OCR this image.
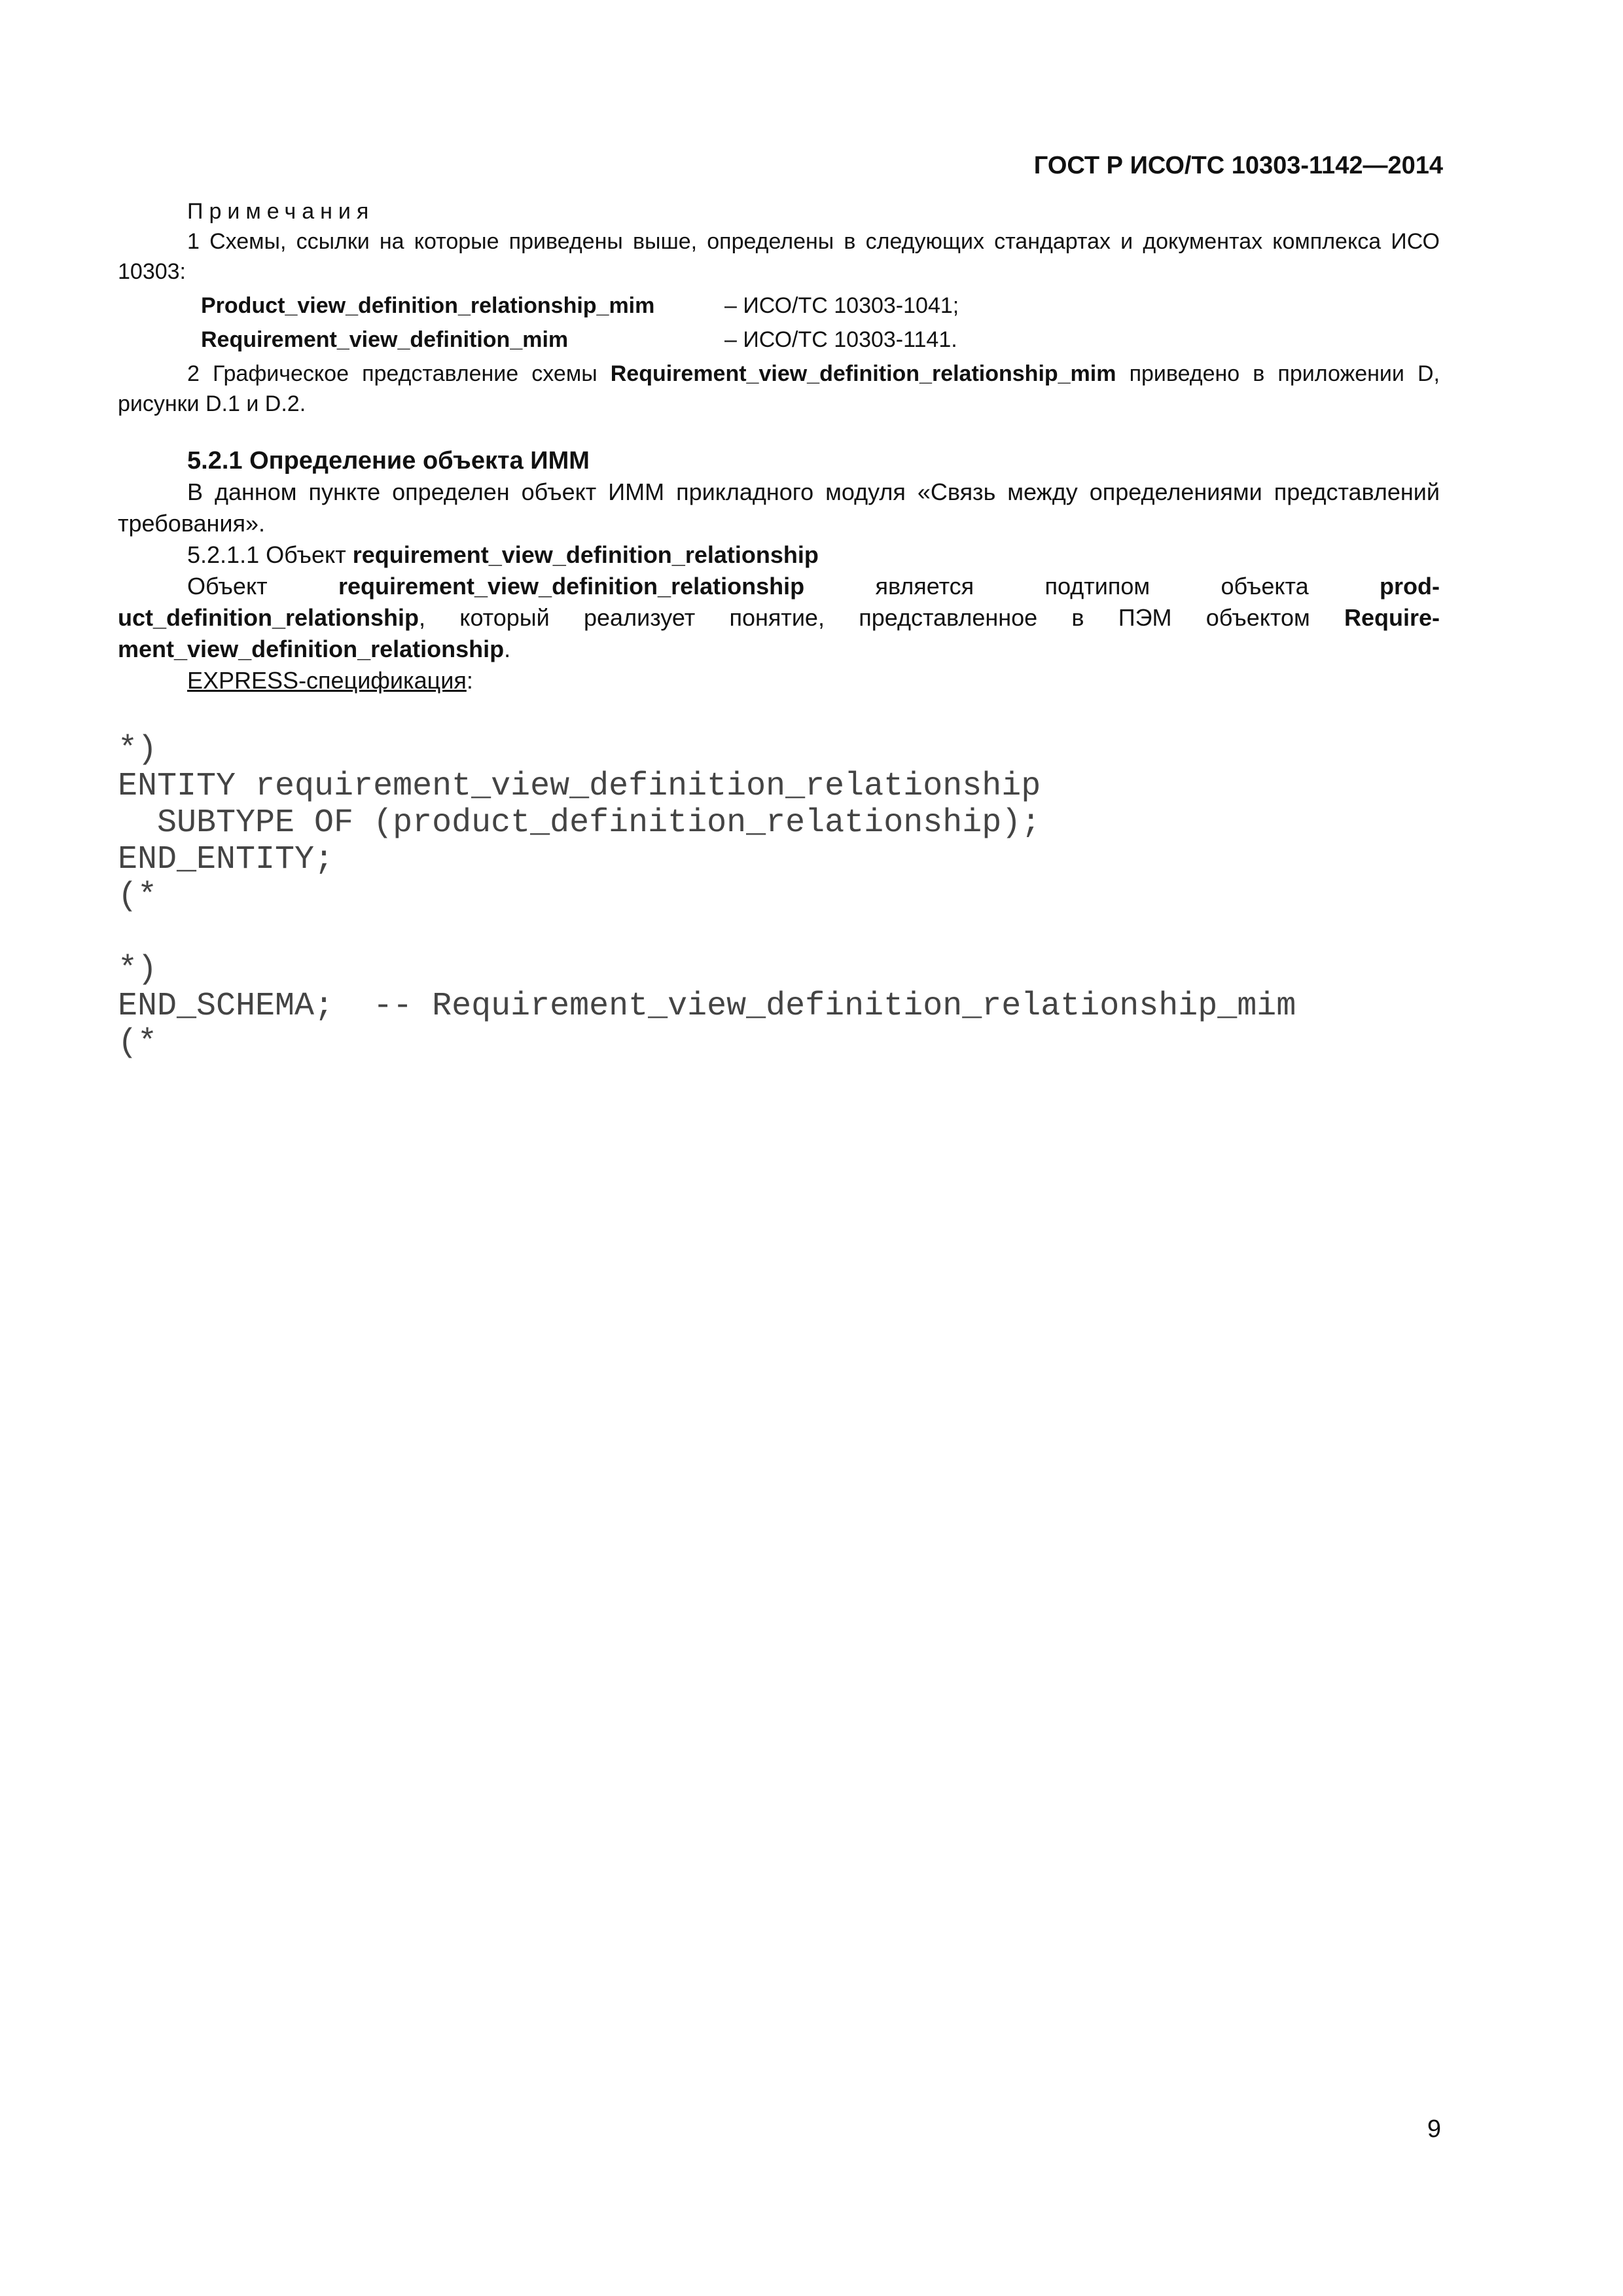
ГОСТ Р ИСО/ТС 10303-1142—2014
Примечания
1 Схемы, ссылки на которые приведены выше, определены в следующих стандартах и документах комплекса ИСО 10303:
Product_view_definition_relationship_mim	– ИСО/ТС 10303-1041;
Requirement_view_definition_mim	– ИСО/ТС 10303-1141.
2 Графическое представление схемы Requirement_view_definition_relationship_mim приведено в приложении D, рисунки D.1 и D.2.
5.2.1 Определение объекта ИММ
В данном пункте определен объект ИММ прикладного модуля «Связь между определениями представлений требования».
5.2.1.1 Объект requirement_view_definition_relationship
Объект	requirement_view_definition_relationship	является	подтипом	объекта	prod-
uct_definition_relationship, который реализует понятие, представленное в ПЭМ объектом Require-
ment_view_definition_relationship.
EXPRESS-спецификация:
*)
ENTITY requirement_view_definition_relationship
SUBTYPE OF (product_definition_relationship);
END_ENTITY;
(*
*)
END_SCHEMA;  -- Requirement_view_definition_relationship_mim
(*
9
